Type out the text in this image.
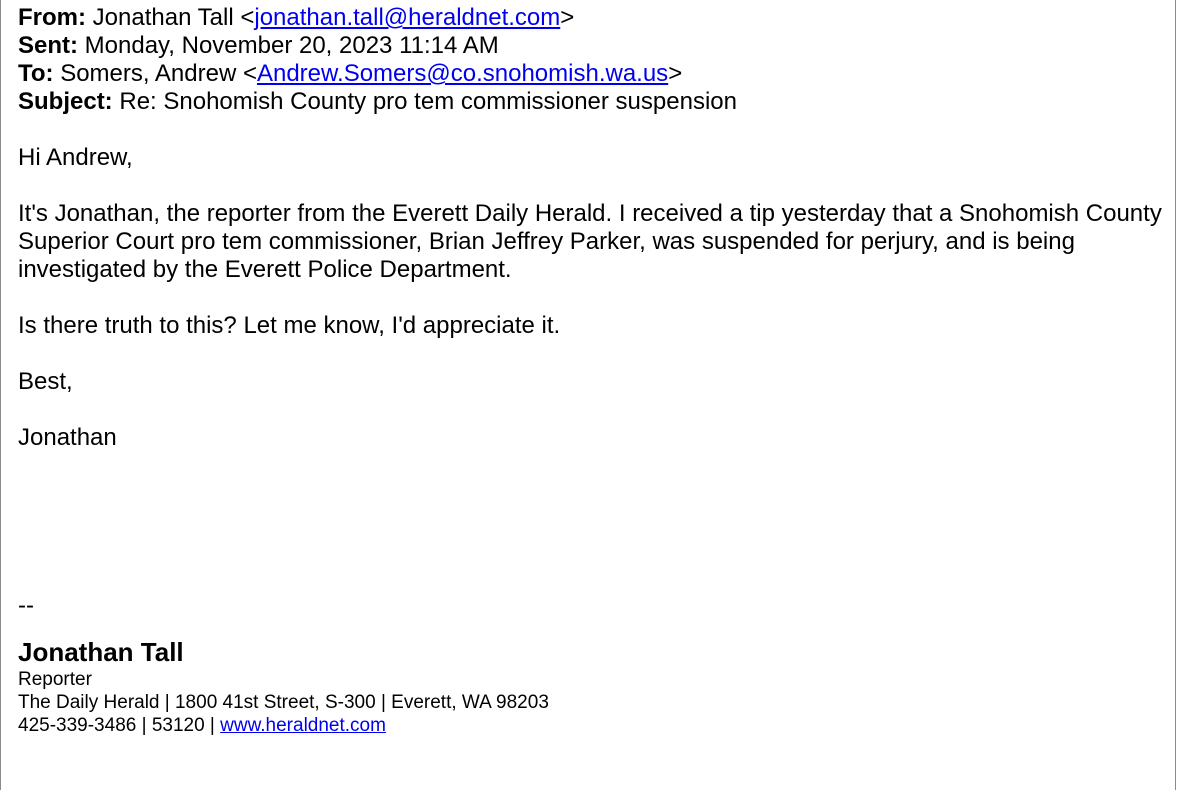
From: Jonathan Tall <jonathan.tall@heraldnet.com>
Sent: Monday, November 20, 2023 11:14 AM
To: Somers, Andrew <Andrew.Somers@co.snohomish.wa.us>
Subject: Re: Snohomish County pro tem commissioner suspension
Hi Andrew,
It's Jonathan, the reporter from the Everett Daily Herald. I received a tip yesterday that a Snohomish County Superior Court pro tem commissioner, Brian Jeffrey Parker, was suspended for perjury, and is being investigated by the Everett Police Department.
Is there truth to this? Let me know, I'd appreciate it.
Best,
Jonathan
--
Jonathan Tall
Reporter
The Daily Herald | 1800 41st Street, S-300 | Everett, WA 98203
425-339-3486 | 53120 | www.heraldnet.com
